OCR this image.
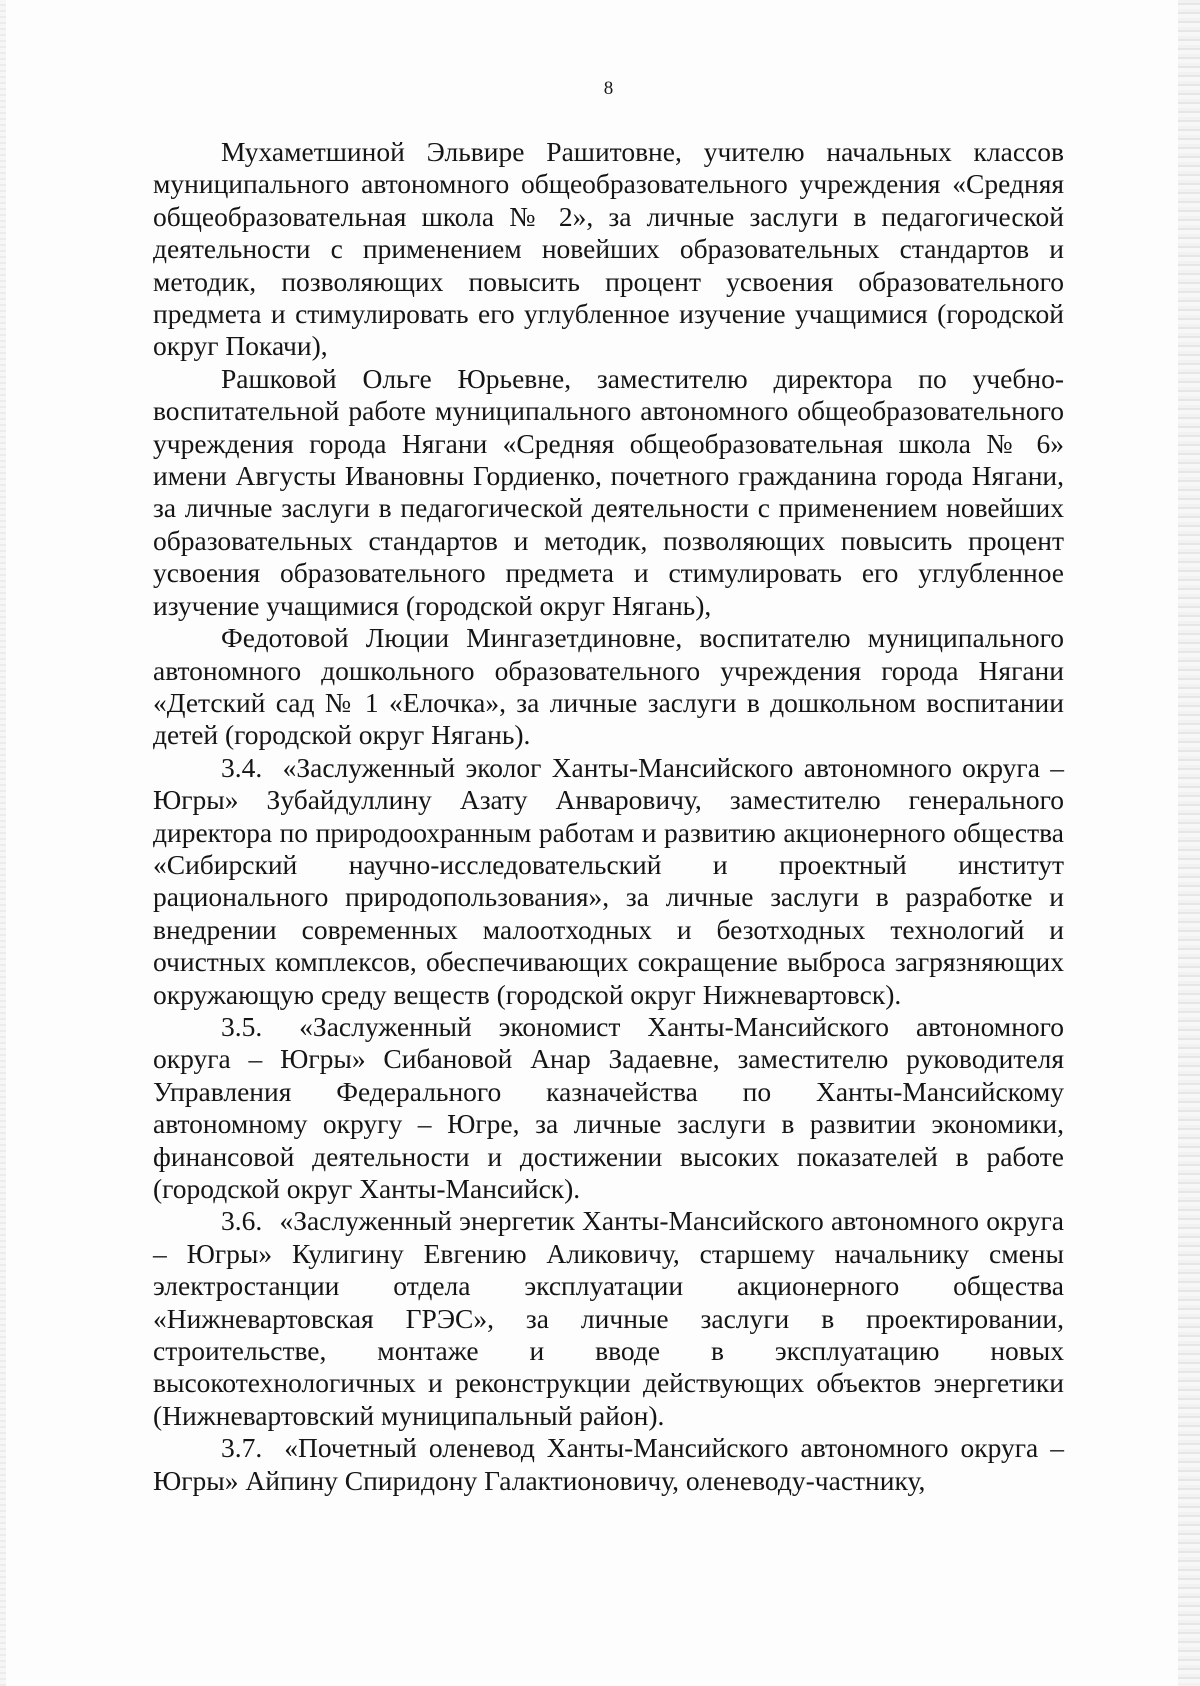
8

Мухаметшиной Эльвире Рашитовне, учителю начальных классов муниципального автономного общеобразовательного учреждения «Средняя общеобразовательная школа № 2», за личные заслуги в педагогической деятельности с применением новейших образовательных стандартов и методик, позволяющих повысить процент усвоения образовательного предмета и стимулировать его углубленное изучение учащимися (городской округ Покачи),

Рашковой Ольге Юрьевне, заместителю директора по учебно-воспитательной работе муниципального автономного общеобразовательного учреждения города Нягани «Средняя общеобразовательная школа № 6» имени Августы Ивановны Гордиенко, почетного гражданина города Нягани, за личные заслуги в педагогической деятельности с применением новейших образовательных стандартов и методик, позволяющих повысить процент усвоения образовательного предмета и стимулировать его углубленное изучение учащимися (городской округ Нягань),

Федотовой Люции Мингазетдиновне, воспитателю муниципального автономного дошкольного образовательного учреждения города Нягани «Детский сад № 1 «Елочка», за личные заслуги в дошкольном воспитании детей (городской округ Нягань).

3.4. «Заслуженный эколог Ханты-Мансийского автономного округа – Югры» Зубайдуллину Азату Анваровичу, заместителю генерального директора по природоохранным работам и развитию акционерного общества «Сибирский научно-исследовательский и проектный институт рационального природопользования», за личные заслуги в разработке и внедрении современных малоотходных и безотходных технологий и очистных комплексов, обеспечивающих сокращение выброса загрязняющих окружающую среду веществ (городской округ Нижневартовск).

3.5. «Заслуженный экономист Ханты-Мансийского автономного округа – Югры» Сибановой Анар Задаевне, заместителю руководителя Управления Федерального казначейства по Ханты-Мансийскому автономному округу – Югре, за личные заслуги в развитии экономики, финансовой деятельности и достижении высоких показателей в работе (городской округ Ханты-Мансийск).

3.6. «Заслуженный энергетик Ханты-Мансийского автономного округа – Югры» Кулигину Евгению Аликовичу, старшему начальнику смены электростанции отдела эксплуатации акционерного общества «Нижневартовская ГРЭС», за личные заслуги в проектировании, строительстве, монтаже и вводе в эксплуатацию новых высокотехнологичных и реконструкции действующих объектов энергетики (Нижневартовский муниципальный район).

3.7. «Почетный оленевод Ханты-Мансийского автономного округа – Югры» Айпину Спиридону Галактионовичу, оленеводу-частнику,
